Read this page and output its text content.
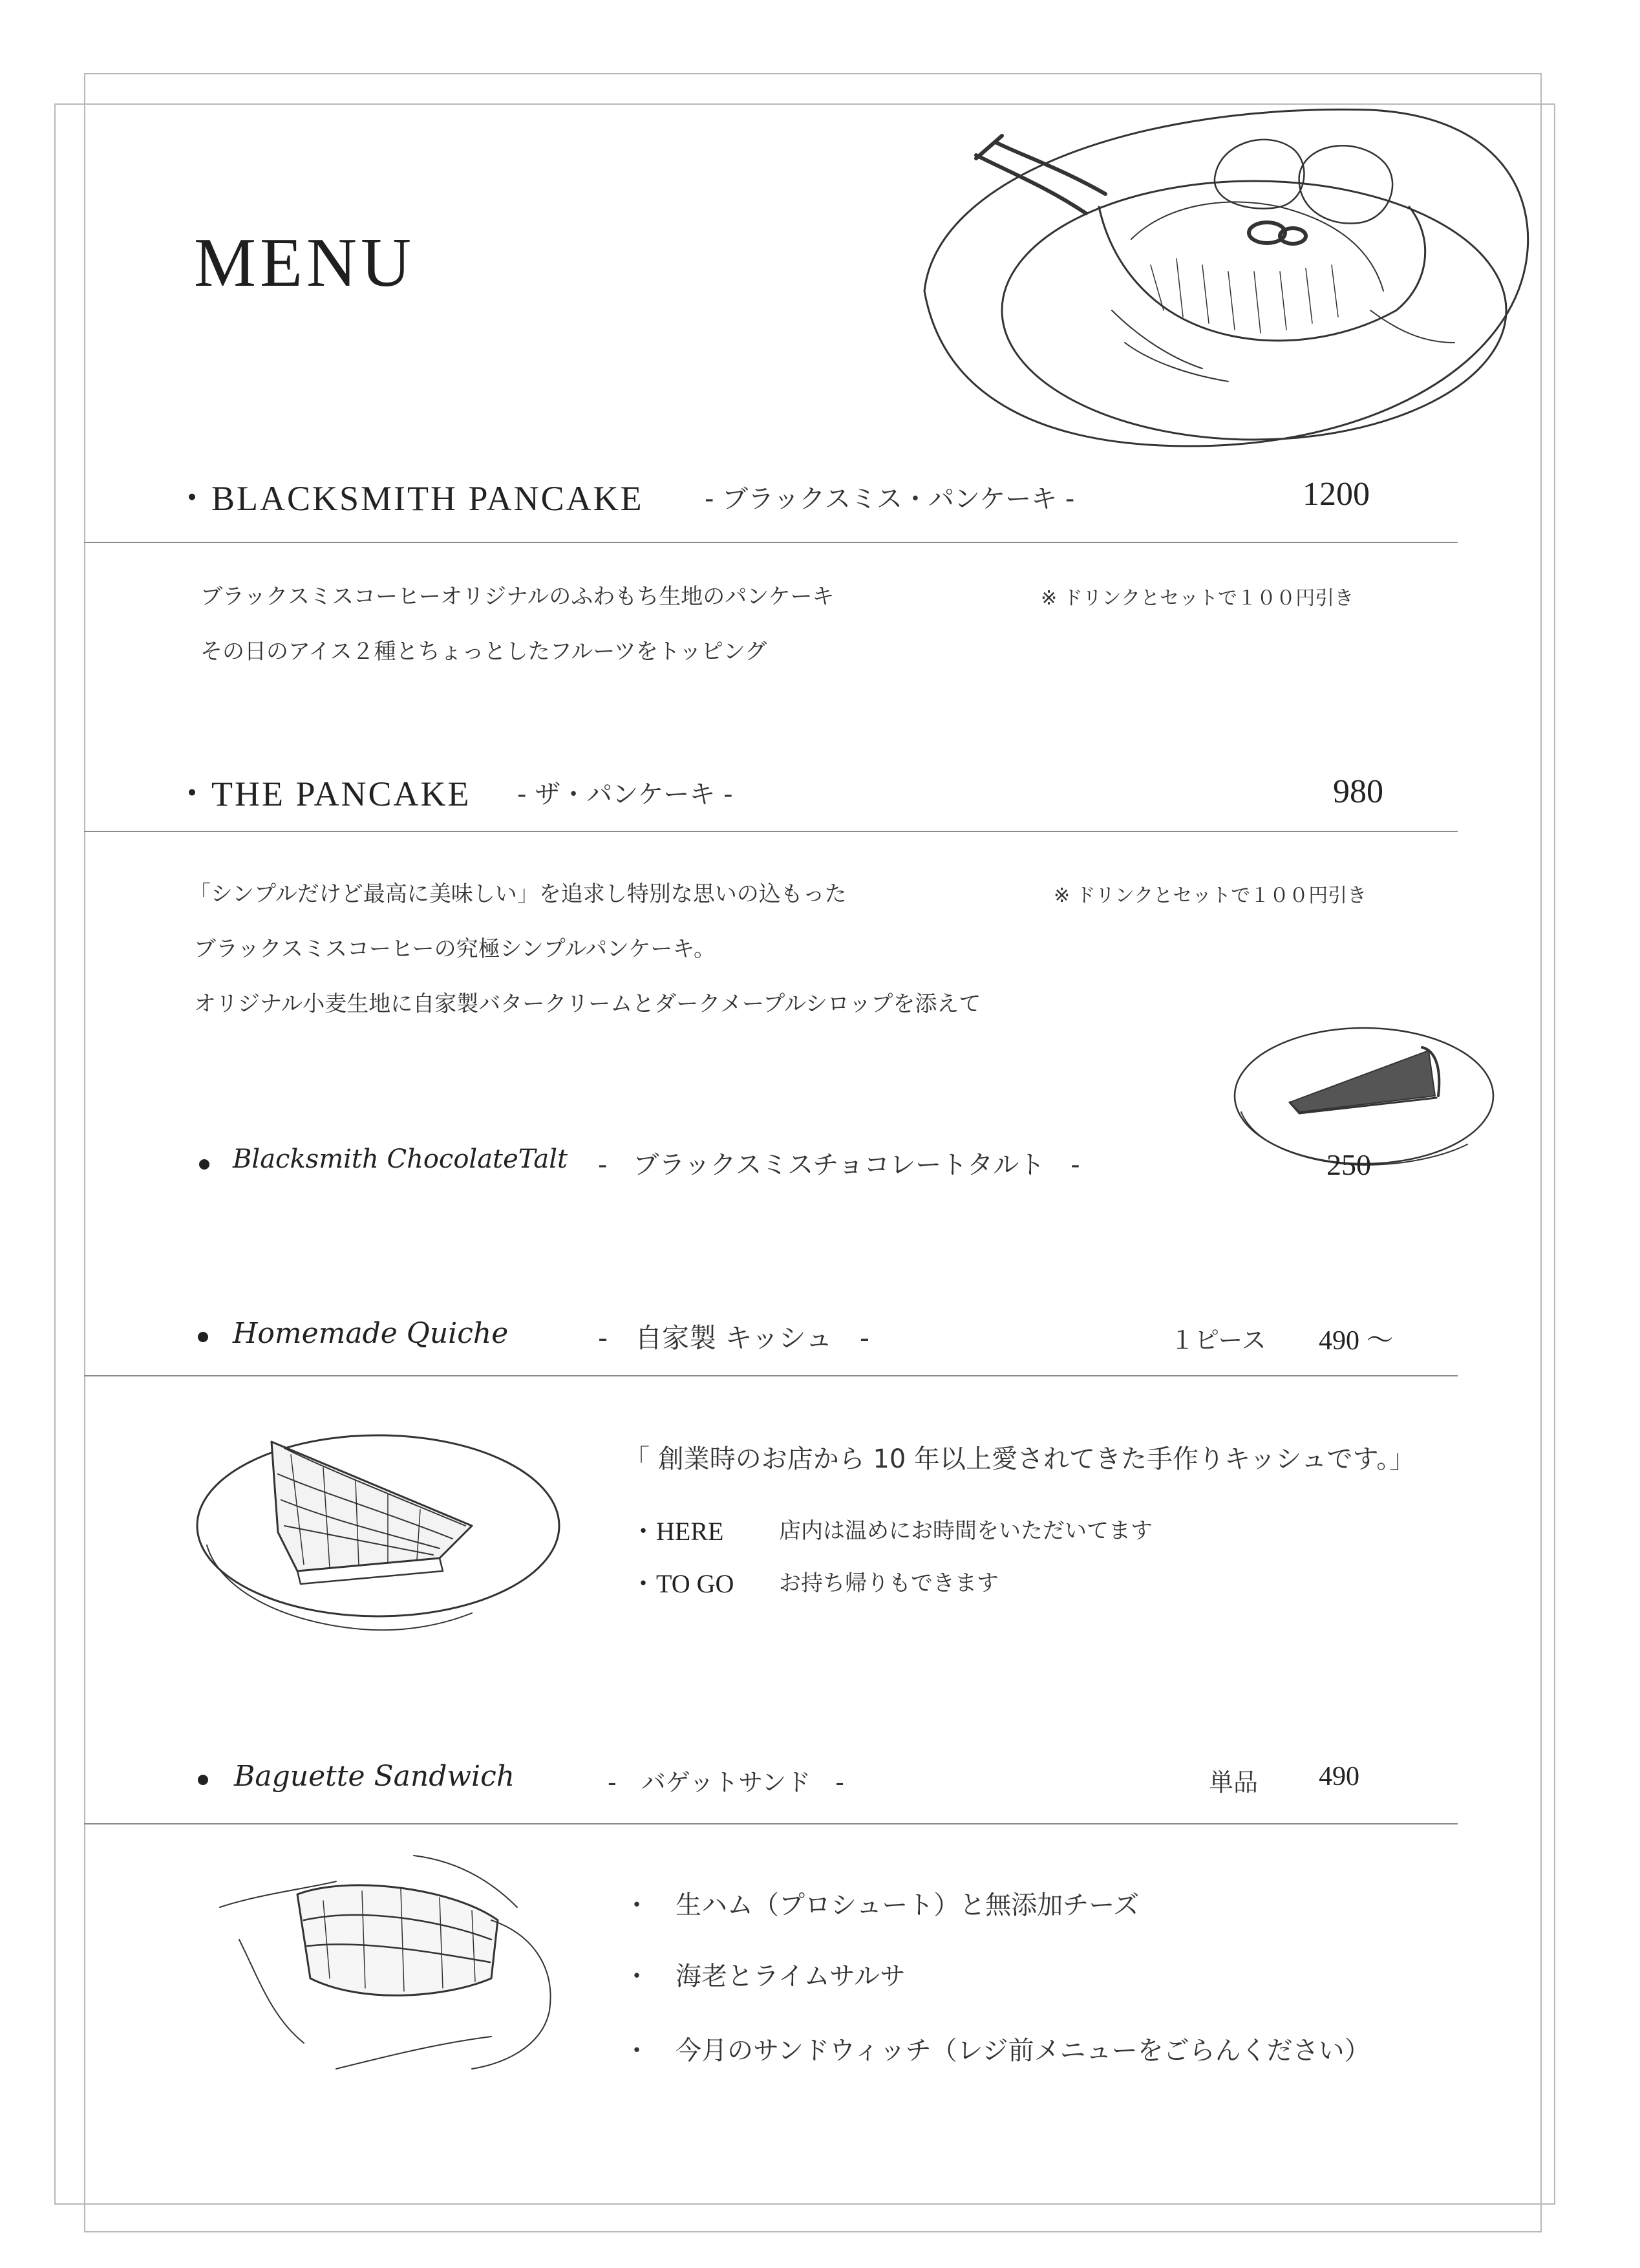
MENU
・BLACKSMITH PANCAKE - ブラックスミス・パンケーキ -	1200
ブラックスミスコーヒーオリジナルのふわもち生地のパンケーキ
その日のアイス２種とちょっとしたフルーツをトッピング
※ ドリンクとセットで１００円引き
・THE PANCAKE - ザ・パンケーキ -	980
「シンプルだけど最高に美味しい」を追求し特別な思いの込もった
ブラックスミスコーヒーの究極シンプルパンケーキ。
オリジナル小麦生地に自家製バタークリームとダークメープルシロップを添えて
※ ドリンクとセットで１００円引き
Blacksmith ChocolateTalt -　ブラックスミスチョコレートタルト　-	250
Homemade Quiche	-　自家製 キッシュ　-	１ピース 490 〜
「 創業時のお店から 10 年以上愛されてきた手作りキッシュです。」
・HERE	店内は温めにお時間をいただいてます
・TO GO お持ち帰りもできます
Baguette Sandwich	-　バゲットサンド　-	単品 490
・　生ハム（プロシュート）と無添加チーズ
・　海老とライムサルサ
・　今月のサンドウィッチ（レジ前メニューをごらんください）
